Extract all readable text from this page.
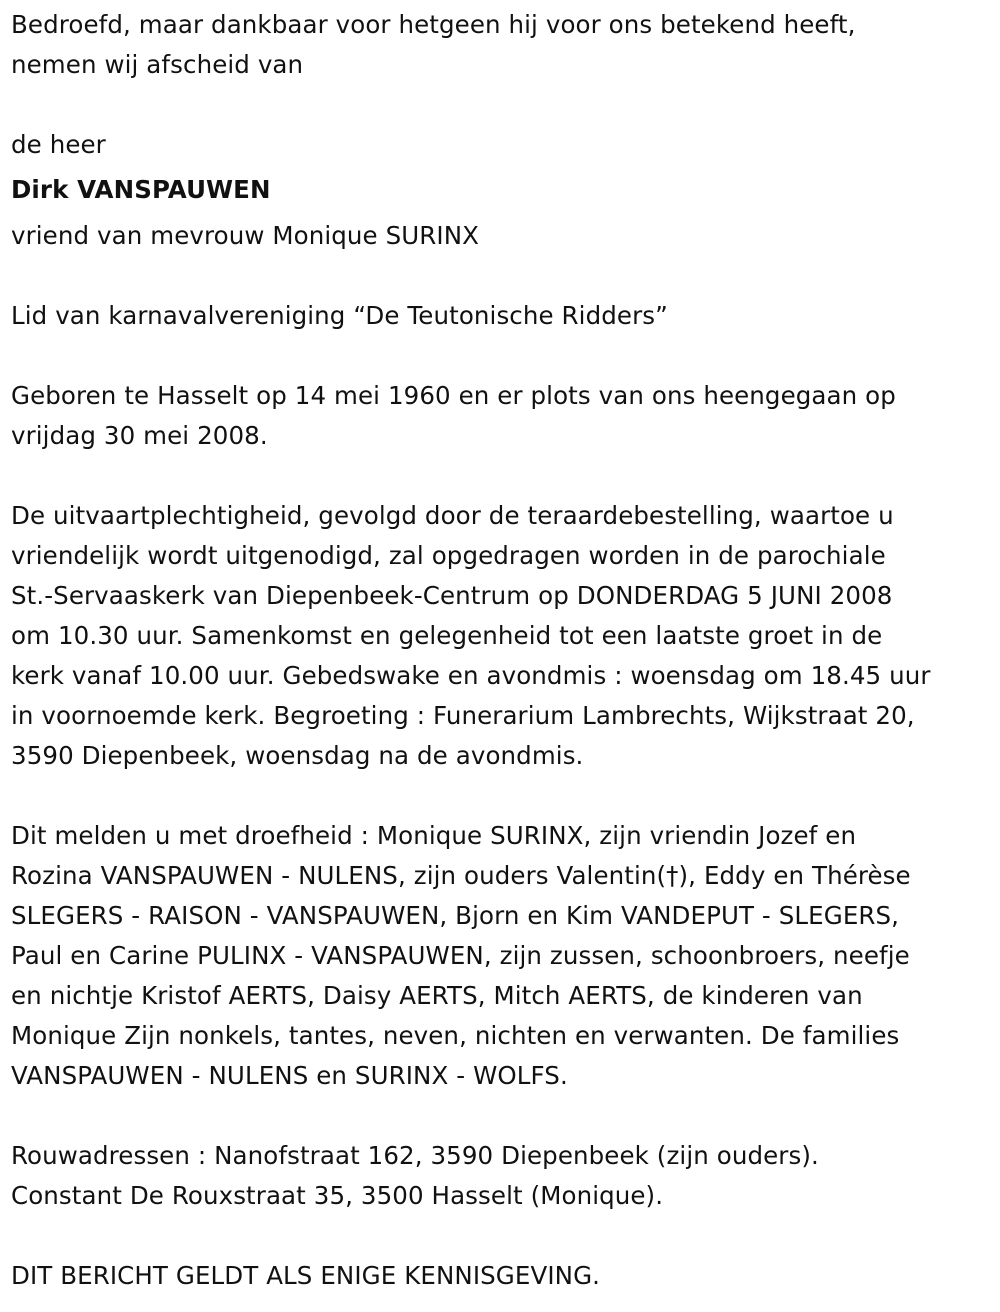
Bedroefd, maar dankbaar voor hetgeen hij voor ons betekend heeft,

nemen wij afscheid van

de heer

Dirk VANSPAUWEN

vriend van mevrouw Monique SURINX

Lid van karnavalvereniging “De Teutonische Ridders”

Geboren te Hasselt op 14 mei 1960 en er plots van ons heengegaan op

vrijdag 30 mei 2008.

De uitvaartplechtigheid, gevolgd door de teraardebestelling, waartoe u

vriendelijk wordt uitgenodigd, zal opgedragen worden in de parochiale

St.-Servaaskerk van Diepenbeek-Centrum op DONDERDAG 5 JUNI 2008

om 10.30 uur. Samenkomst en gelegenheid tot een laatste groet in de

kerk vanaf 10.00 uur. Gebedswake en avondmis : woensdag om 18.45 uur

in voornoemde kerk. Begroeting : Funerarium Lambrechts, Wijkstraat 20,

3590 Diepenbeek, woensdag na de avondmis.

Dit melden u met droefheid : Monique SURINX, zijn vriendin Jozef en

Rozina VANSPAUWEN - NULENS, zijn ouders Valentin(†), Eddy en Thérèse

SLEGERS - RAISON - VANSPAUWEN, Bjorn en Kim VANDEPUT - SLEGERS,

Paul en Carine PULINX - VANSPAUWEN, zijn zussen, schoonbroers, neefje

en nichtje Kristof AERTS, Daisy AERTS, Mitch AERTS, de kinderen van

Monique Zijn nonkels, tantes, neven, nichten en verwanten. De families

VANSPAUWEN - NULENS en SURINX - WOLFS.

Rouwadressen : Nanofstraat 162, 3590 Diepenbeek (zijn ouders).

Constant De Rouxstraat 35, 3500 Hasselt (Monique).

DIT BERICHT GELDT ALS ENIGE KENNISGEVING.
